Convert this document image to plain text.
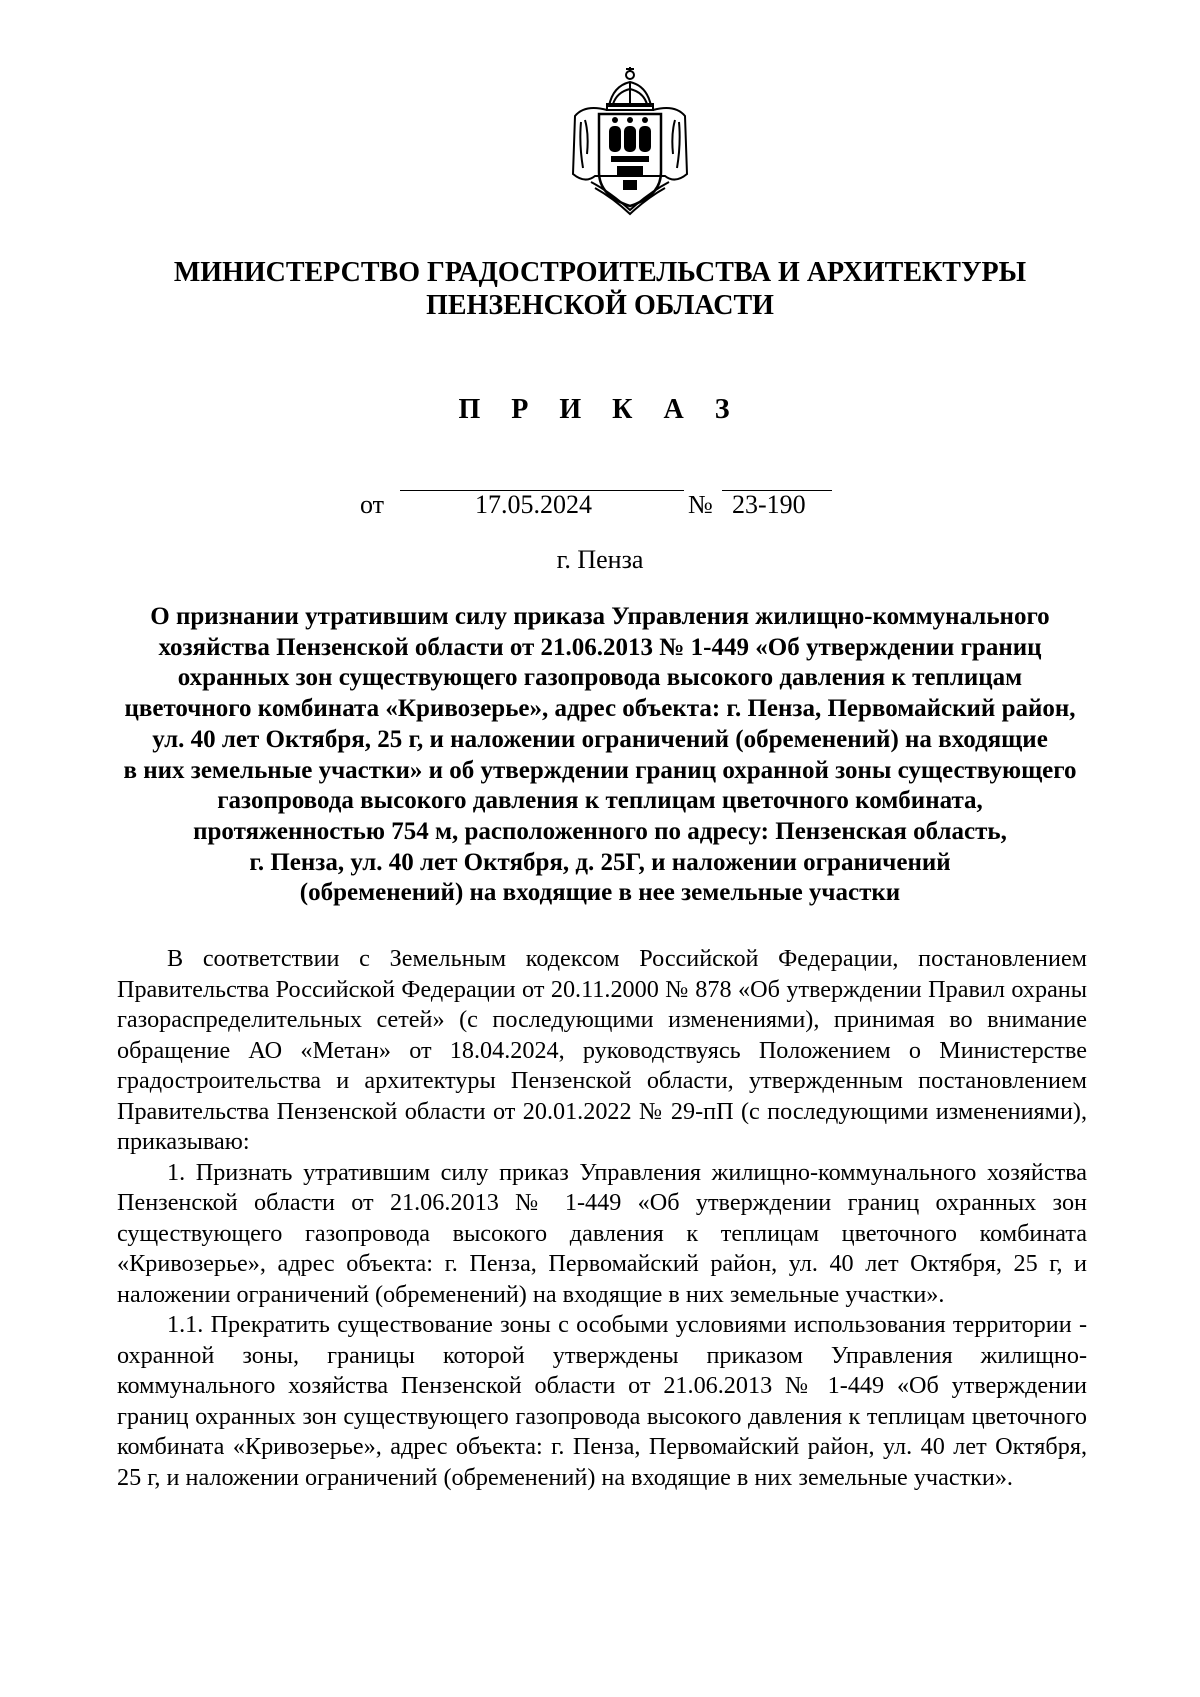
МИНИСТЕРСТВО ГРАДОСТРОИТЕЛЬСТВА И АРХИТЕКТУРЫ
ПЕНЗЕНСКОЙ ОБЛАСТИ
П Р И К А З
от	17.05.2024	№ 23-190
г. Пенза
О признании утратившим силу приказа Управления жилищно-коммунального
хозяйства Пензенской области от 21.06.2013 № 1-449 «Об утверждении границ
охранных зон существующего газопровода высокого давления к теплицам
цветочного комбината «Кривозерье», адрес объекта: г. Пенза, Первомайский район,
ул. 40 лет Октября, 25 г, и наложении ограничений (обременений) на входящие
в них земельные участки» и об утверждении границ охранной зоны существующего
газопровода высокого давления к теплицам цветочного комбината,
протяженностью 754 м, расположенного по адресу: Пензенская область,
г. Пенза, ул. 40 лет Октября, д. 25Г, и наложении ограничений
(обременений) на входящие в нее земельные участки

В соответствии с Земельным кодексом Российской Федерации, постановлением Правительства Российской Федерации от 20.11.2000 № 878 «Об утверждении Правил охраны газораспределительных сетей» (с последующими изменениями), принимая во внимание обращение АО «Метан» от 18.04.2024, руководствуясь Положением о Министерстве градостроительства и архитектуры Пензенской области, утвержденным постановлением Правительства Пензенской области от 20.01.2022 № 29-пП (с последующими изменениями), приказываю:

1. Признать утратившим силу приказ Управления жилищно-коммунального хозяйства Пензенской области от 21.06.2013 № 1-449 «Об утверждении границ охранных зон существующего газопровода высокого давления к теплицам цветочного комбината «Кривозерье», адрес объекта: г. Пенза, Первомайский район, ул. 40 лет Октября, 25 г, и наложении ограничений (обременений) на входящие в них земельные участки».

1.1. Прекратить существование зоны с особыми условиями использования территории - охранной зоны, границы которой утверждены приказом Управления жилищно-коммунального хозяйства Пензенской области от 21.06.2013 № 1-449 «Об утверждении границ охранных зон существующего газопровода высокого давления к теплицам цветочного комбината «Кривозерье», адрес объекта: г. Пенза, Первомайский район, ул. 40 лет Октября, 25 г, и наложении ограничений (обременений) на входящие в них земельные участки».
